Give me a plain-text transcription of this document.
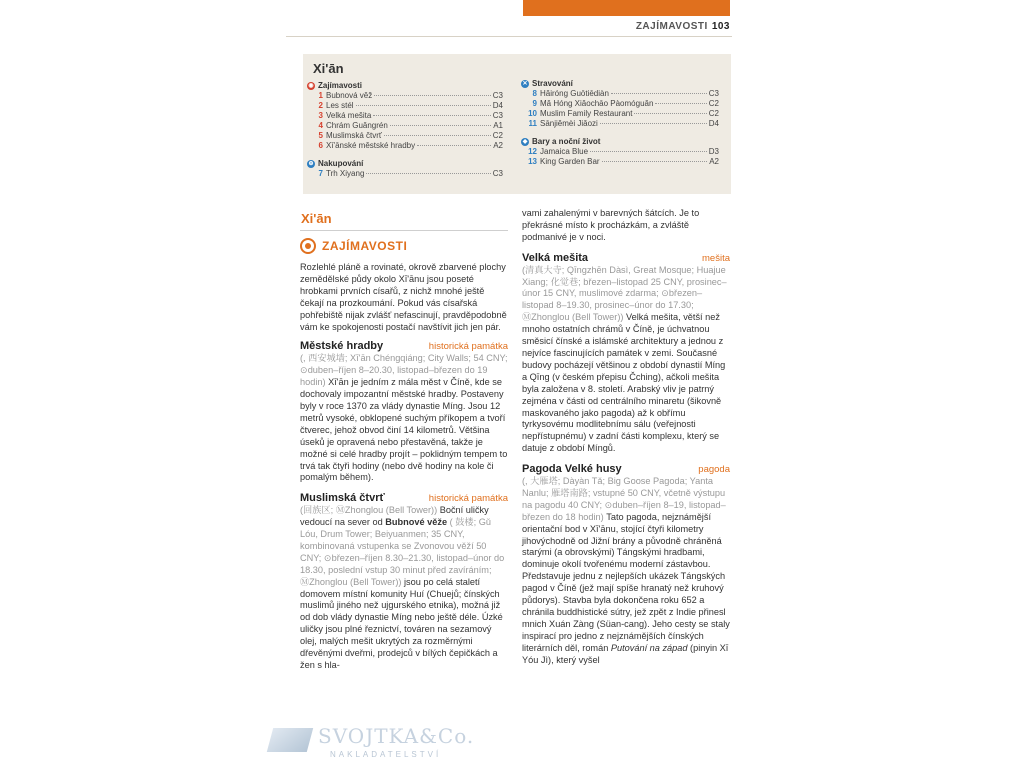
ZAJÍMAVOSTI 103
Xi'ān
◉ Zajímavosti
1 Bubnová věž	C3
2 Les stél	D4
3 Velká mešita	C3
4 Chrám Guǎngrén	A1
5 Muslimská čtvrť	C2
6 Xī'ānské městské hradby	A2
⊕ Nakupování
7 Trh Xiyang	C3
✕ Stravování
8 Hǎiróng Guōtiēdiàn	C3
9 Mǎ Hóng Xiǎochāo Pàomóguǎn	C2
10 Muslim Family Restaurant	C2
11 Sānjiěmèi Jiǎozi	D4
◆ Bary a noční život
12 Jamaica Blue	D3
13 King Garden Bar	A2
Xi'ān
ZAJÍMAVOSTI

Rozlehlé pláně a rovinaté, okrově zbarvené plochy zemědělské půdy okolo Xī'ānu jsou poseté hrobkami prvních císařů, z nichž mnohé ještě čekají na prozkoumání. Pokud vás císařská pohřebiště nijak zvlášť nefascinují, pravděpodobně vám ke spokojenosti postačí navštívit jich jen pár.

Městské hradby	historická památka

(, 西安城墙; Xī'ān Chéngqiáng; City Walls; 54 CNY; ⊙duben–říjen 8–20.30, listopad–březen do 19 hodin) Xī'ān je jedním z mála měst v Číně, kde se dochovaly impozantní městské hradby. Postaveny byly v roce 1370 za vlády dynastie Míng. Jsou 12 metrů vysoké, obklopené suchým příkopem a tvoří čtverec, jehož obvod činí 14 kilometrů. Většina úseků je opravená nebo přestavěná, takže je možné si celé hradby projít – poklidným tempem to trvá tak čtyři hodiny (nebo dvě hodiny na kole či pomalým během).

Muslimská čtvrť	historická památka

(回族区; ⓂZhonglou (Bell Tower)) Boční uličky vedoucí na sever od Bubnové věže ( 鼓楼; Gǔ Lóu, Drum Tower; Beiyuanmen; 35 CNY, kombinovaná vstupenka se Zvonovou věží 50 CNY; ⊙březen–říjen 8.30–21.30, listopad–únor do 18.30, poslední vstup 30 minut před zavíráním; ⓂZhonglou (Bell Tower)) jsou po celá staletí domovem místní komunity Huí (Chuejů; čínských muslimů jiného než ujgurského etnika), možná již od dob vlády dynastie Míng nebo ještě déle. Úzké uličky jsou plné řeznictví, továren na sezamový olej, malých mešit ukrytých za rozměrnými dřevěnými dveřmi, prodejců v bílých čepičkách a žen s hla-

vami zahalenými v barevných šátcích. Je to překrásné místo k procházkám, a zvláště podmanivé je v noci.

Velká mešita	mešita

(清真大寺; Qīngzhēn Dàsì, Great Mosque; Huajue Xiang; 化觉巷; březen–listopad 25 CNY, prosinec–únor 15 CNY, muslimové zdarma; ⊙březen–listopad 8–19.30, prosinec–únor do 17.30; ⓂZhonglou (Bell Tower)) Velká mešita, větší než mnoho ostatních chrámů v Číně, je úchvatnou směsicí čínské a islámské architektury a jednou z nejvíce fascinujících památek v zemi. Současné budovy pocházejí většinou z období dynastií Míng a Qīng (v českém přepisu Čching), ačkoli mešita byla založena v 8. století. Arabský vliv je patrný zejména v části od centrálního minaretu (šikovně maskovaného jako pagoda) až k obřímu tyrkysovému modlitebnímu sálu (veřejnosti nepřístupnému) v zadní části komplexu, který se datuje z období Míngů.

Pagoda Velké husy	pagoda

(, 大雁塔; Dàyàn Tǎ; Big Goose Pagoda; Yanta Nanlu; 雁塔南路; vstupné 50 CNY, včetně výstupu na pagodu 40 CNY; ⊙duben–říjen 8–19, listopad–březen do 18 hodin) Tato pagoda, nejznámější orientační bod v Xī'ānu, stojící čtyři kilometry jihovýchodně od Jižní brány a původně chráněná starými (a obrovskými) Tángskými hradbami, dominuje okolí tvořenému moderní zástavbou. Představuje jednu z nejlepších ukázek Tángských pagod v Číně (jež mají spíše hranatý než kruhový půdorys). Stavba byla dokončena roku 652 a chránila buddhistické sútry, jež zpět z Indie přinesl mnich Xuán Zàng (Süan-cang). Jeho cesty se staly inspirací pro jedno z nejznámějších čínských literárních děl, román Putování na západ (pinyin Xī Yóu Jì), který vyšel

SVOJTKA&Co.
NAKLADATELSTVÍ
